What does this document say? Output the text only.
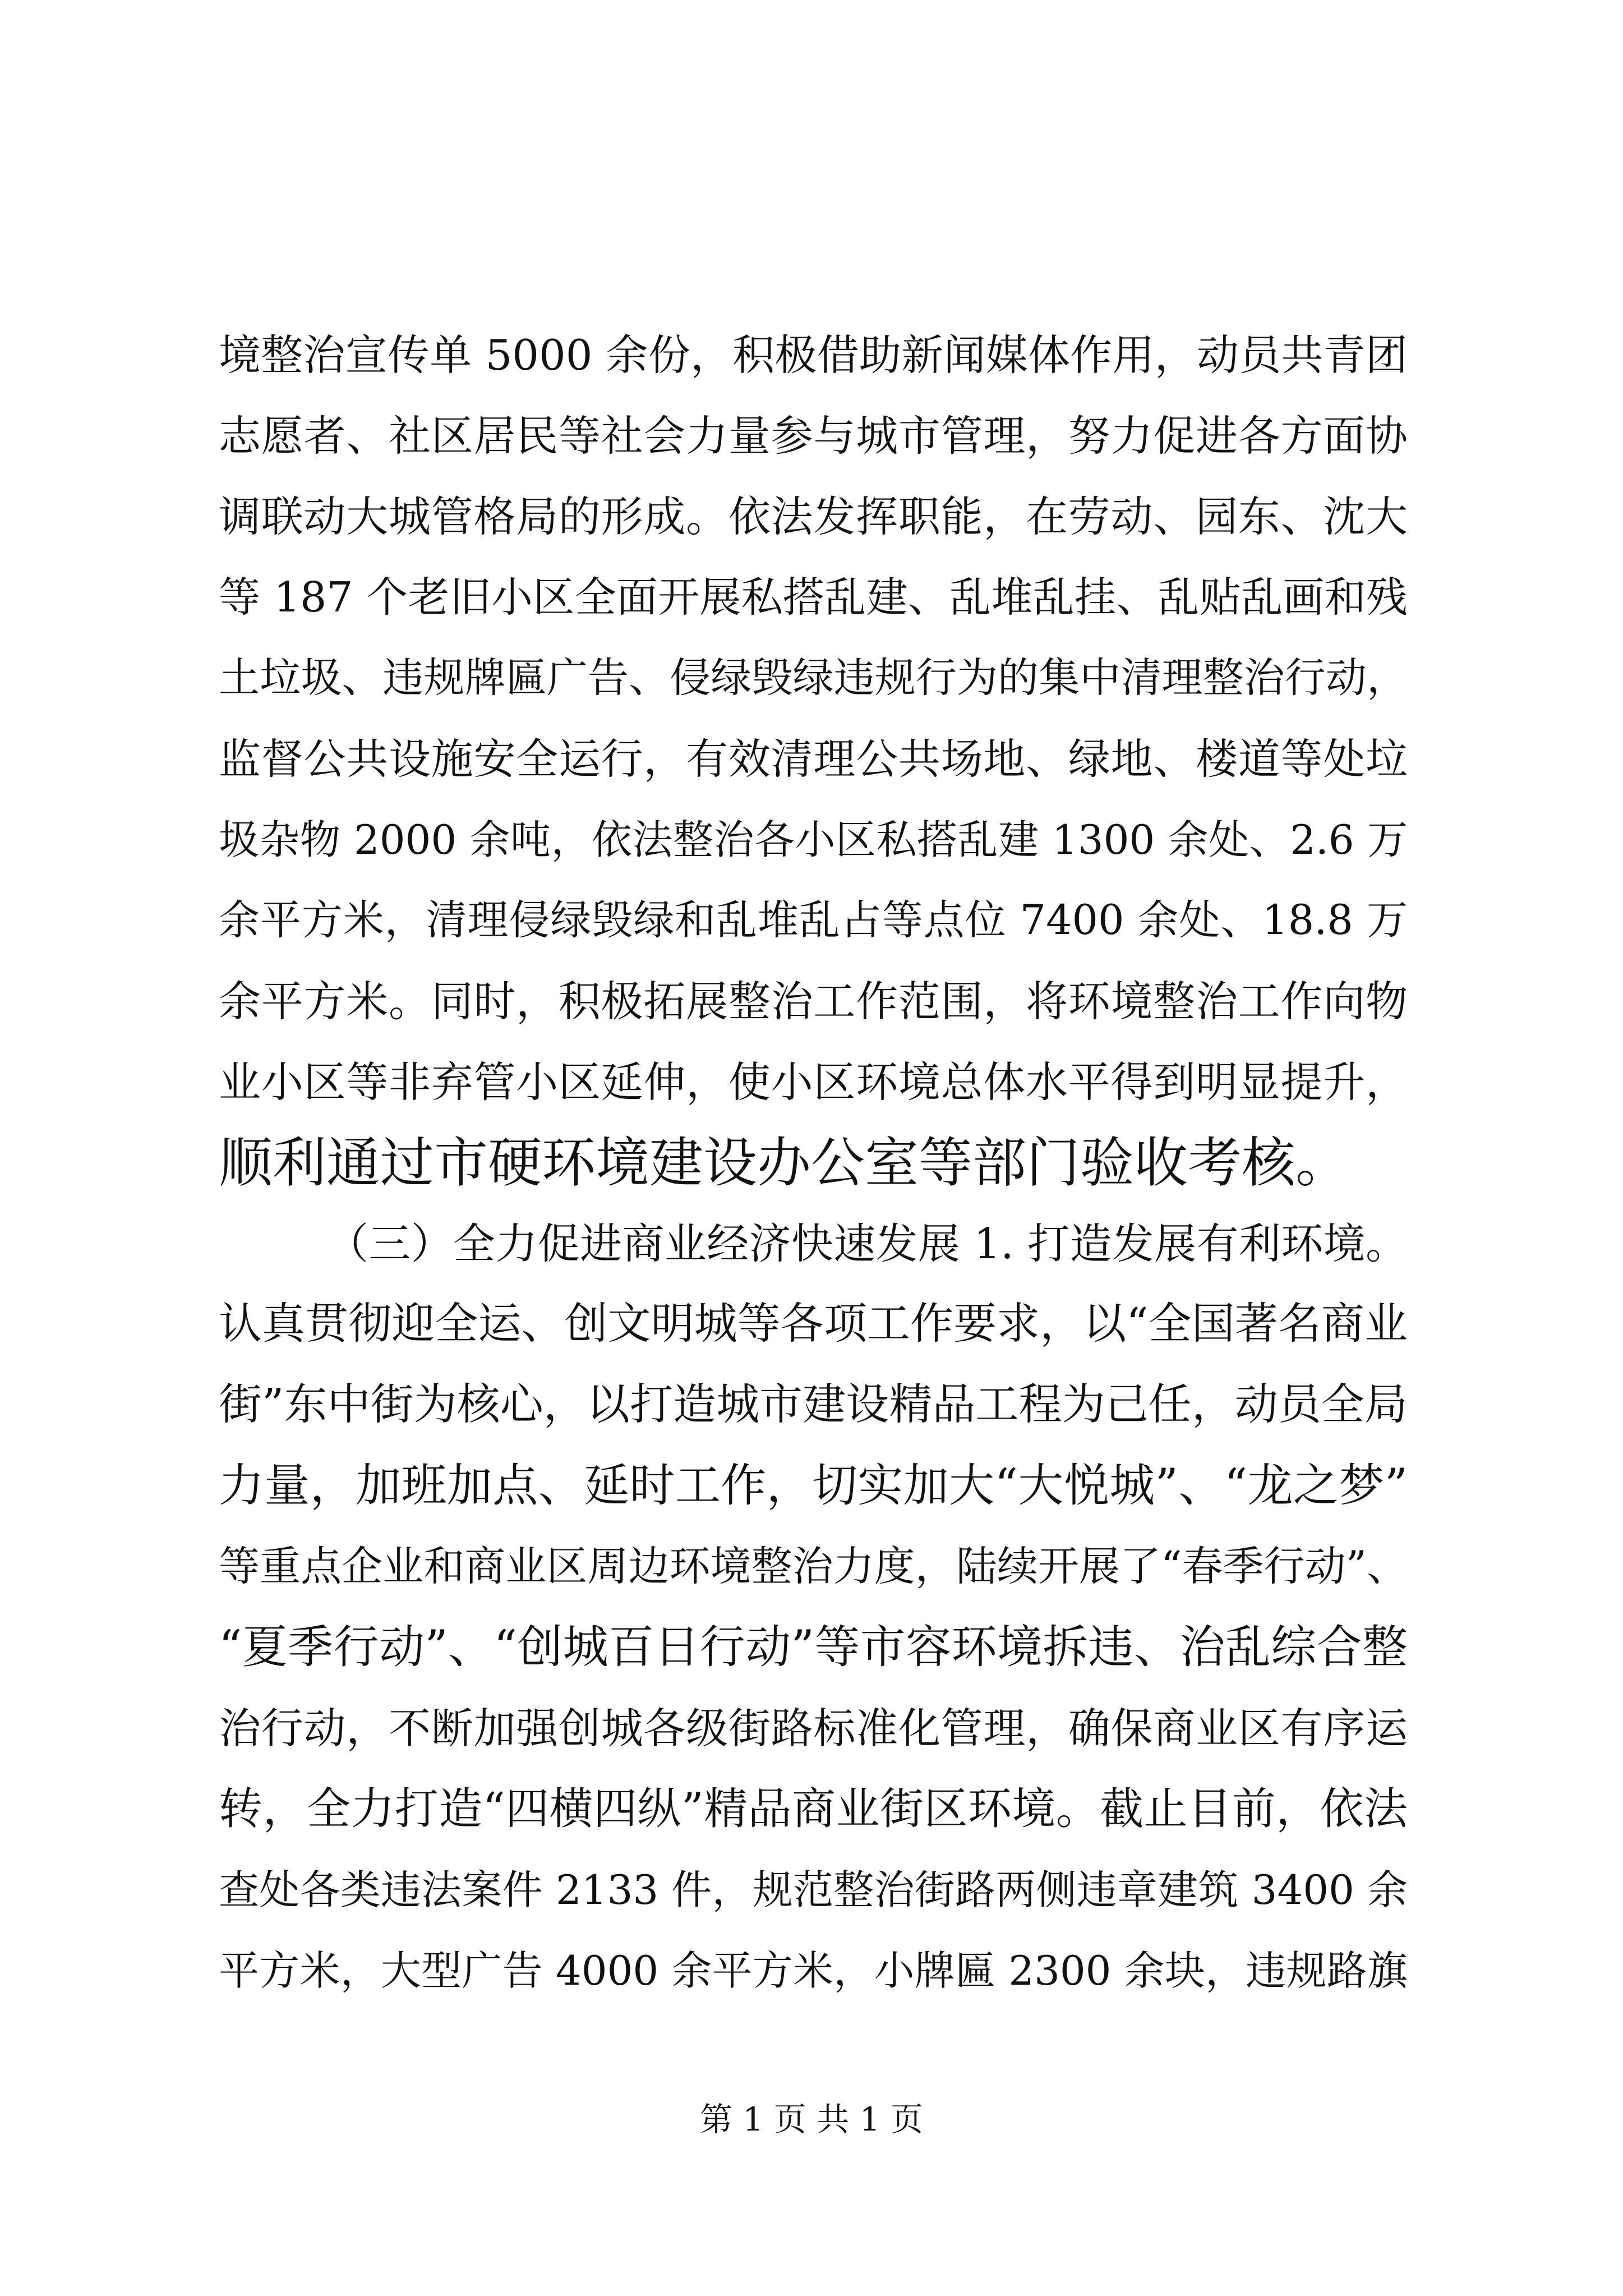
境整治宣传单 5000 余份，积极借助新闻媒体作用，动员共青团
志愿者、社区居民等社会力量参与城市管理，努力促进各方面协
调联动大城管格局的形成。依法发挥职能，在劳动、园东、沈大
等 187 个老旧小区全面开展私搭乱建、乱堆乱挂、乱贴乱画和残
土垃圾、违规牌匾广告、侵绿毁绿违规行为的集中清理整治行动，
监督公共设施安全运行，有效清理公共场地、绿地、楼道等处垃
圾杂物 2000 余吨，依法整治各小区私搭乱建 1300 余处、2.6 万
余平方米，清理侵绿毁绿和乱堆乱占等点位 7400 余处、18.8 万
余平方米。同时，积极拓展整治工作范围，将环境整治工作向物
业小区等非弃管小区延伸，使小区环境总体水平得到明显提升，
顺利通过市硬环境建设办公室等部门验收考核。
（三）全力促进商业经济快速发展 1. 打造发展有利环境。
认真贯彻迎全运、创文明城等各项工作要求，以“全国著名商业
街”东中街为核心，以打造城市建设精品工程为己任，动员全局
力量，加班加点、延时工作，切实加大“大悦城”、“龙之梦”
等重点企业和商业区周边环境整治力度，陆续开展了“春季行动”、
“夏季行动”、“创城百日行动”等市容环境拆违、治乱综合整
治行动，不断加强创城各级街路标准化管理，确保商业区有序运
转，全力打造“四横四纵”精品商业街区环境。截止目前，依法
查处各类违法案件 2133 件，规范整治街路两侧违章建筑 3400 余
平方米，大型广告 4000 余平方米，小牌匾 2300 余块，违规路旗
第 1 页 共 1 页
